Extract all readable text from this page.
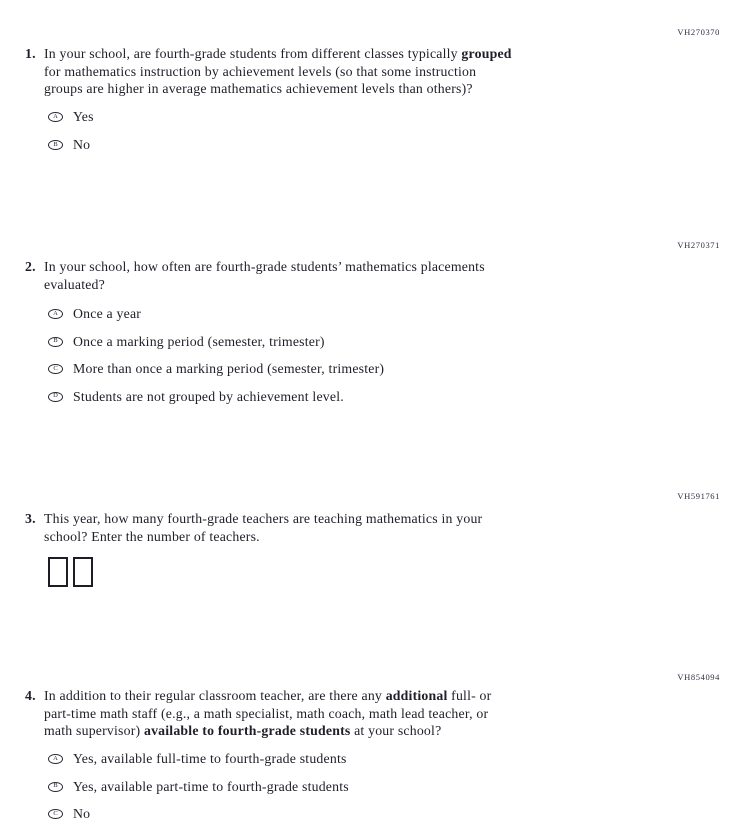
VH270370
1. In your school, are fourth-grade students from different classes typically grouped
for mathematics instruction by achievement levels (so that some instruction
groups are higher in average mathematics achievement levels than others)?
A Yes
B No
VH270371
2. In your school, how often are fourth-grade students’ mathematics placements
evaluated?
A Once a year
B Once a marking period (semester, trimester)
C More than once a marking period (semester, trimester)
D Students are not grouped by achievement level.
VH591761
3. This year, how many fourth-grade teachers are teaching mathematics in your
school? Enter the number of teachers.
VH854094
4. In addition to their regular classroom teacher, are there any additional full- or
part-time math staff (e.g., a math specialist, math coach, math lead teacher, or
math supervisor) available to fourth-grade students at your school?
A Yes, available full-time to fourth-grade students
B Yes, available part-time to fourth-grade students
C No
